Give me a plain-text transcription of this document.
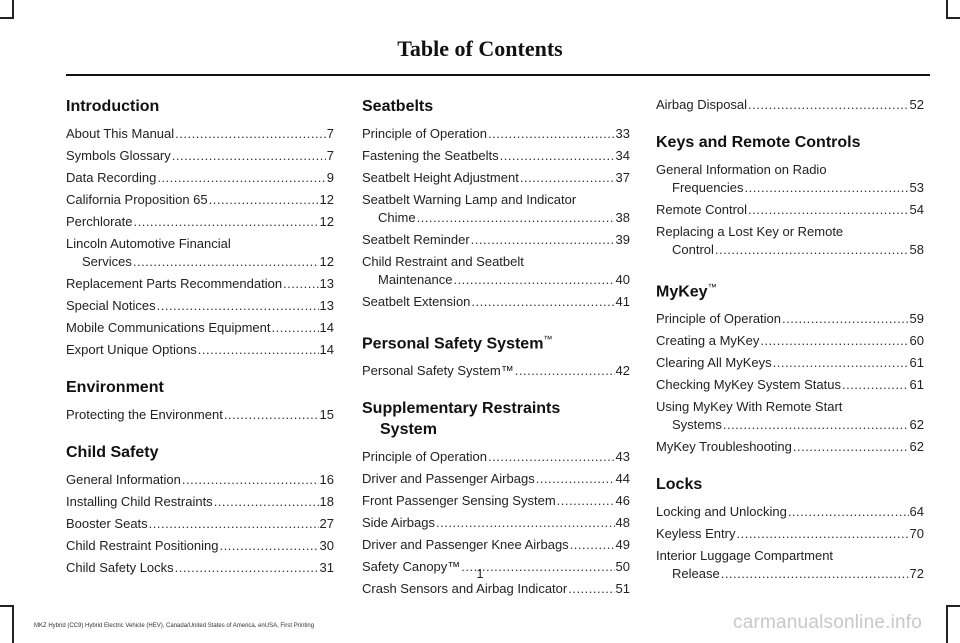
Table of Contents
Introduction
About This Manual .....	7
Symbols Glossary .....	7
Data Recording .....	9
California Proposition 65 .....	12
Perchlorate .....	12
Lincoln Automotive Financial
Services .....	12
Replacement Parts Recommendation .....	13
Special Notices .....	13
Mobile Communications Equipment .....	14
Export Unique Options .....	14
Environment
Protecting the Environment .....	15
Child Safety
General Information .....	16
Installing Child Restraints .....	18
Booster Seats .....	27
Child Restraint Positioning .....	30
Child Safety Locks .....	31
Seatbelts
Principle of Operation .....	33
Fastening the Seatbelts .....	34
Seatbelt Height Adjustment .....	37
Seatbelt Warning Lamp and Indicator
Chime .....	38
Seatbelt Reminder .....	39
Child Restraint and Seatbelt
Maintenance .....	40
Seatbelt Extension .....	41
Personal Safety System™
Personal Safety System™ .....	42
Supplementary Restraints
System
Principle of Operation .....	43
Driver and Passenger Airbags .....	44
Front Passenger Sensing System .....	46
Side Airbags .....	48
Driver and Passenger Knee Airbags .....	49
Safety Canopy™ .....	50
Crash Sensors and Airbag Indicator .....	51
Airbag Disposal .....	52
Keys and Remote Controls
General Information on Radio
Frequencies .....	53
Remote Control .....	54
Replacing a Lost Key or Remote
Control .....	58
MyKey™
Principle of Operation .....	59
Creating a MyKey .....	60
Clearing All MyKeys .....	61
Checking MyKey System Status .....	61
Using MyKey With Remote Start
Systems .....	62
MyKey Troubleshooting .....	62
Locks
Locking and Unlocking .....	64
Keyless Entry .....	70
Interior Luggage Compartment
Release .....	72
1
MKZ Hybrid (CC9) Hybrid Electric Vehicle (HEV), Canada/United States of America, enUSA, First Printing	carmanualsonline.info
